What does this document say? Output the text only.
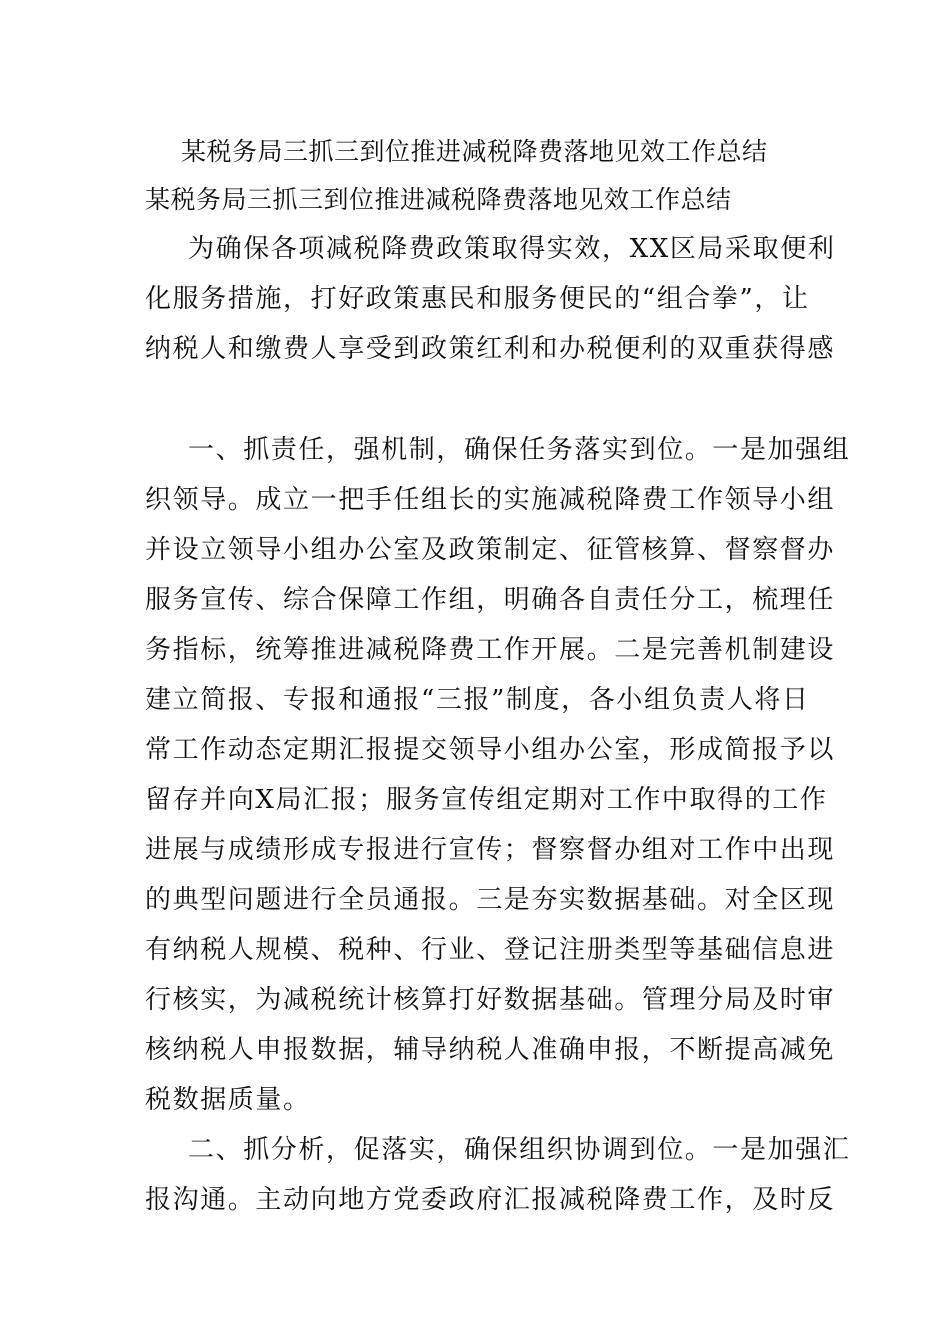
某税务局三抓三到位推进减税降费落地见效工作总结
某税务局三抓三到位推进减税降费落地见效工作总结
为确保各项减税降费政策取得实效，XX区局采取便利
化服务措施，打好政策惠民和服务便民的“组合拳”，让
纳税人和缴费人享受到政策红利和办税便利的双重获得感
一、抓责任，强机制，确保任务落实到位。一是加强组
织领导。成立一把手任组长的实施减税降费工作领导小组
并设立领导小组办公室及政策制定、征管核算、督察督办
服务宣传、综合保障工作组，明确各自责任分工，梳理任
务指标，统筹推进减税降费工作开展。二是完善机制建设
建立简报、专报和通报“三报”制度，各小组负责人将日
常工作动态定期汇报提交领导小组办公室，形成简报予以
留存并向X局汇报；服务宣传组定期对工作中取得的工作
进展与成绩形成专报进行宣传；督察督办组对工作中出现
的典型问题进行全员通报。三是夯实数据基础。对全区现
有纳税人规模、税种、行业、登记注册类型等基础信息进
行核实，为减税统计核算打好数据基础。管理分局及时审
核纳税人申报数据，辅导纳税人准确申报，不断提高减免
税数据质量。
二、抓分析，促落实，确保组织协调到位。一是加强汇
报沟通。主动向地方党委政府汇报减税降费工作，及时反
